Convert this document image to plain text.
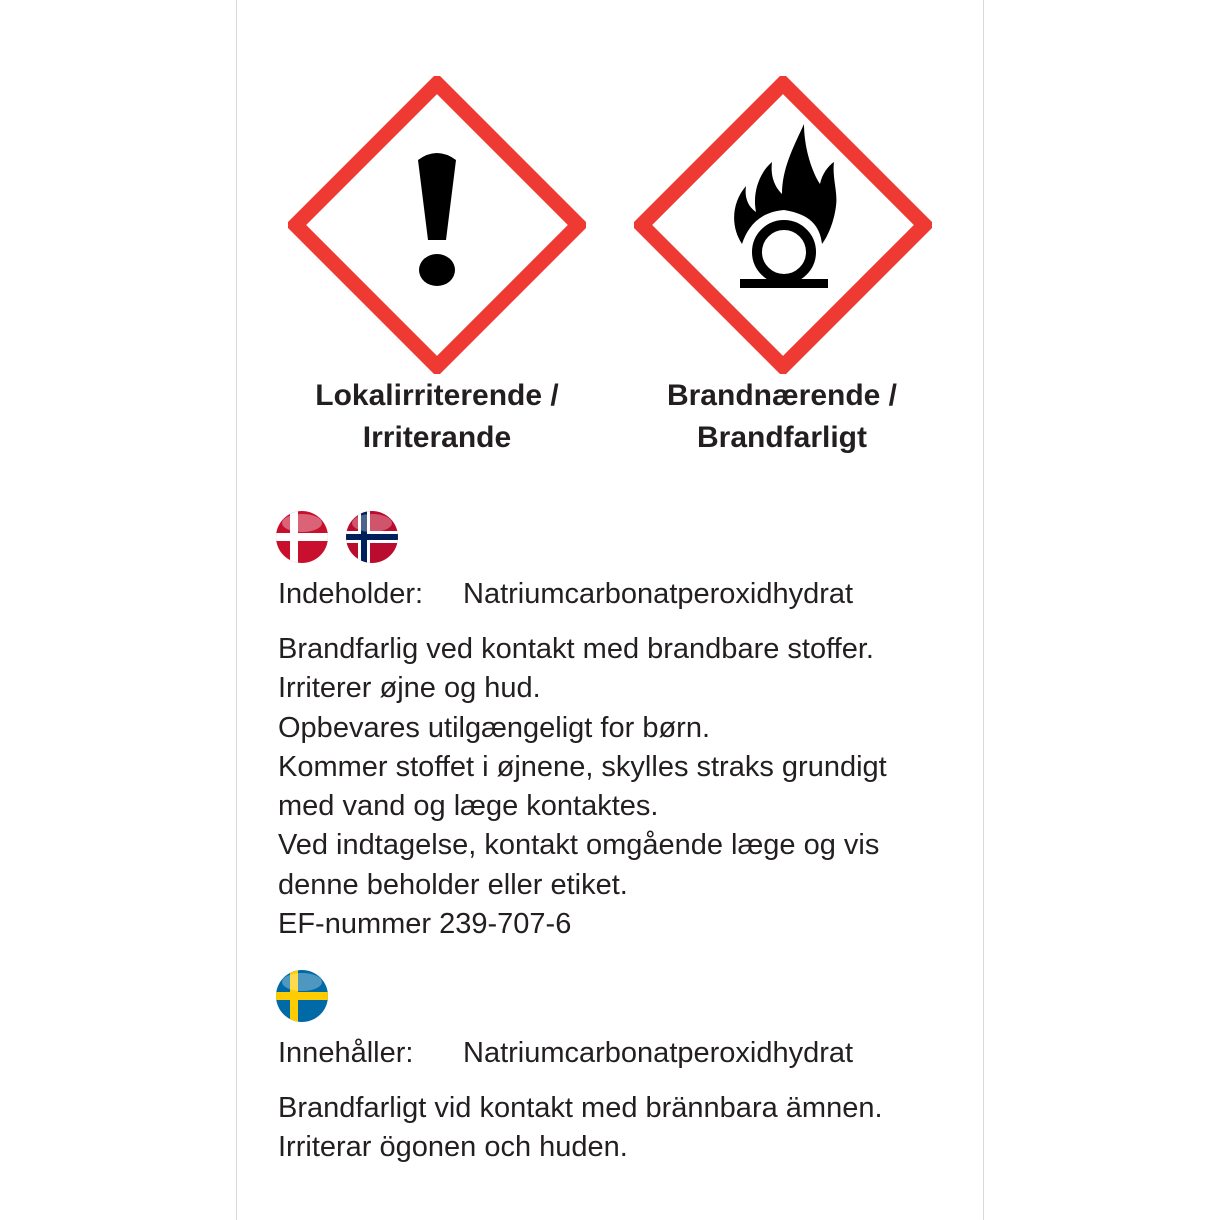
Lokalirriterende /
Irriterande
Brandnærende /
Brandfarligt
Indeholder: Natriumcarbonatperoxidhydrat
Brandfarlig ved kontakt med brandbare stoffer.
Irriterer øjne og hud.
Opbevares utilgængeligt for børn.
Kommer stoffet i øjnene, skylles straks grundigt
med vand og læge kontaktes.
Ved indtagelse, kontakt omgående læge og vis
denne beholder eller etiket.
EF-nummer 239-707-6
Innehåller: Natriumcarbonatperoxidhydrat
Brandfarligt vid kontakt med brännbara ämnen.
Irriterar ögonen och huden.
